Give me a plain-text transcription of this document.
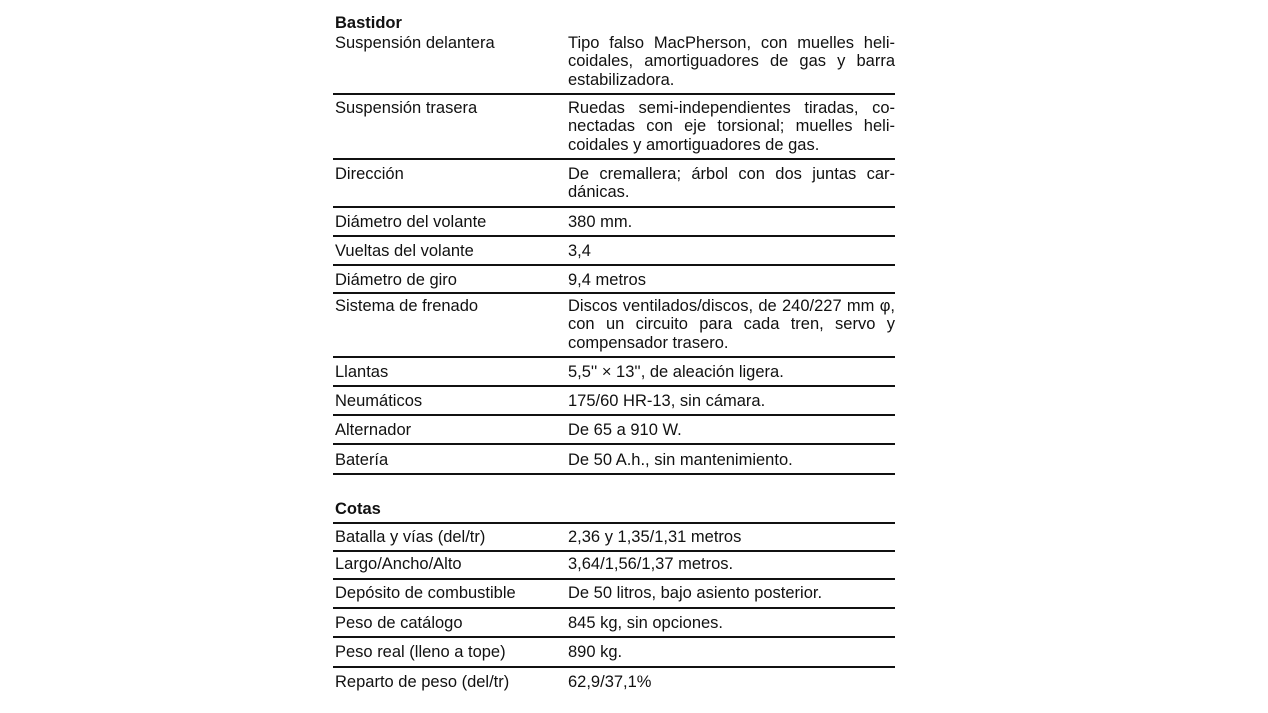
Bastidor
Suspensión delantera	Tipo falso MacPherson, con muelles helicoidales, amortiguadores de gas y barra estabilizadora.
Suspensión trasera	Ruedas semi-independientes tiradas, conectadas con eje torsional; muelles helicoidales y amortiguadores de gas.
Dirección	De cremallera; árbol con dos juntas cardánicas.
Diámetro del volante	380 mm.
Vueltas del volante	3,4
Diámetro de giro	9,4 metros
Sistema de frenado	Discos ventilados/discos, de 240/227 mm φ, con un circuito para cada tren, servo y compensador trasero.
Llantas	5,5'' × 13'', de aleación ligera.
Neumáticos	175/60 HR-13, sin cámara.
Alternador	De 65 a 910 W.
Batería	De 50 A.h., sin mantenimiento.
Cotas
Batalla y vías (del/tr)	2,36 y 1,35/1,31 metros
Largo/Ancho/Alto	3,64/1,56/1,37 metros.
Depósito de combustible	De 50 litros, bajo asiento posterior.
Peso de catálogo	845 kg, sin opciones.
Peso real (lleno a tope)	890 kg.
Reparto de peso (del/tr)	62,9/37,1%
